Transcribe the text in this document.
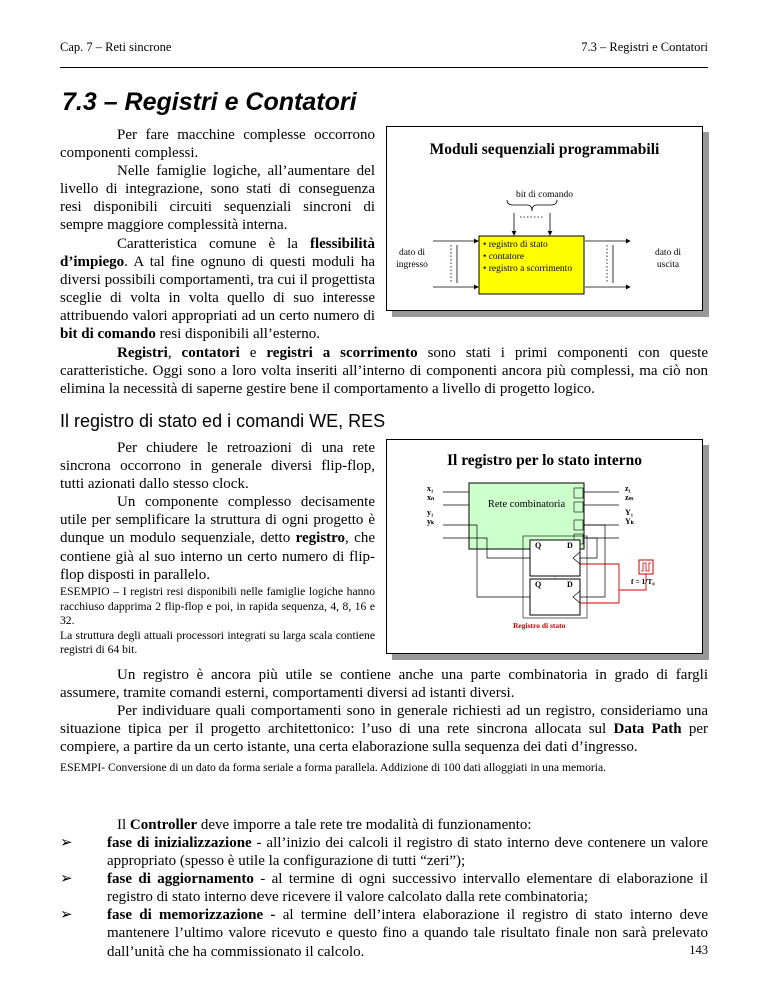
Cap. 7 – Reti sincrone	7.3 – Registri e Contatori
7.3 – Registri e Contatori
Per fare macchine complesse occorrono componenti complessi.
Nelle famiglie logiche, all’aumentare del livello di integrazione, sono stati di conseguenza resi disponibili circuiti sequenziali sincroni di sempre maggiore complessità interna.
Caratteristica comune è la flessibilità d’impiego. A tal fine ognuno di questi moduli ha diversi possibili comportamenti, tra cui il progettista sceglie di volta in volta quello di suo interesse attribuendo valori appropriati ad un certo numero di bit di comando resi disponibili all’esterno.
Moduli sequenziali programmabili
bit di comando
dato di ingresso
dato di uscita
• registro di stato
• contatore
• registro a scorrimento
Registri, contatori e registri a scorrimento sono stati i primi componenti con queste caratteristiche. Oggi sono a loro volta inseriti all’interno di componenti ancora più complessi, ma ciò non elimina la necessità di saperne gestire bene il comportamento a livello di progetto logico.
Il registro di stato ed i comandi WE, RES
Per chiudere le retroazioni di una rete sincrona occorrono in generale diversi flip-flop, tutti azionati dallo stesso clock.
Un componente complesso decisamente utile per semplificare la struttura di ogni progetto è dunque un modulo sequenziale, detto registro, che contiene già al suo interno un certo numero di flip-flop disposti in parallelo.
ESEMPIO – I registri resi disponibili nelle famiglie logiche hanno racchiuso dapprima 2 flip-flop e poi, in rapida sequenza, 4, 8, 16 e 32.
La struttura degli attuali processori integrati su larga scala contiene registri di 64 bit.
Il registro per lo stato interno
Rete combinatoria
x₁
xₙ
y₁
yₖ
z₁
zₘ
Y₁
Yₖ
Q	D
Q	D	f = 1/T₀
Registro di stato
Un registro è ancora più utile se contiene anche una parte combinatoria in grado di fargli assumere, tramite comandi esterni, comportamenti diversi ad istanti diversi.
Per individuare quali comportamenti sono in generale richiesti ad un registro, consideriamo una situazione tipica per il progetto architettonico: l’uso di una rete sincrona allocata sul Data Path per compiere, a partire da un certo istante, una certa elaborazione sulla sequenza dei dati d’ingresso.
ESEMPI- Conversione di un dato da forma seriale a forma parallela. Addizione di 100 dati alloggiati in una memoria.
Il Controller deve imporre a tale rete tre modalità di funzionamento:
➢ fase di inizializzazione - all’inizio dei calcoli il registro di stato interno deve contenere un valore appropriato (spesso è utile la configurazione di tutti “zeri”);
➢ fase di aggiornamento - al termine di ogni successivo intervallo elementare di elaborazione il registro di stato interno deve ricevere il valore calcolato dalla rete combinatoria;
➢ fase di memorizzazione - al termine dell’intera elaborazione il registro di stato interno deve mantenere l’ultimo valore ricevuto e questo fino a quando tale risultato finale non sarà prelevato dall’unità che ha commissionato il calcolo.	143
